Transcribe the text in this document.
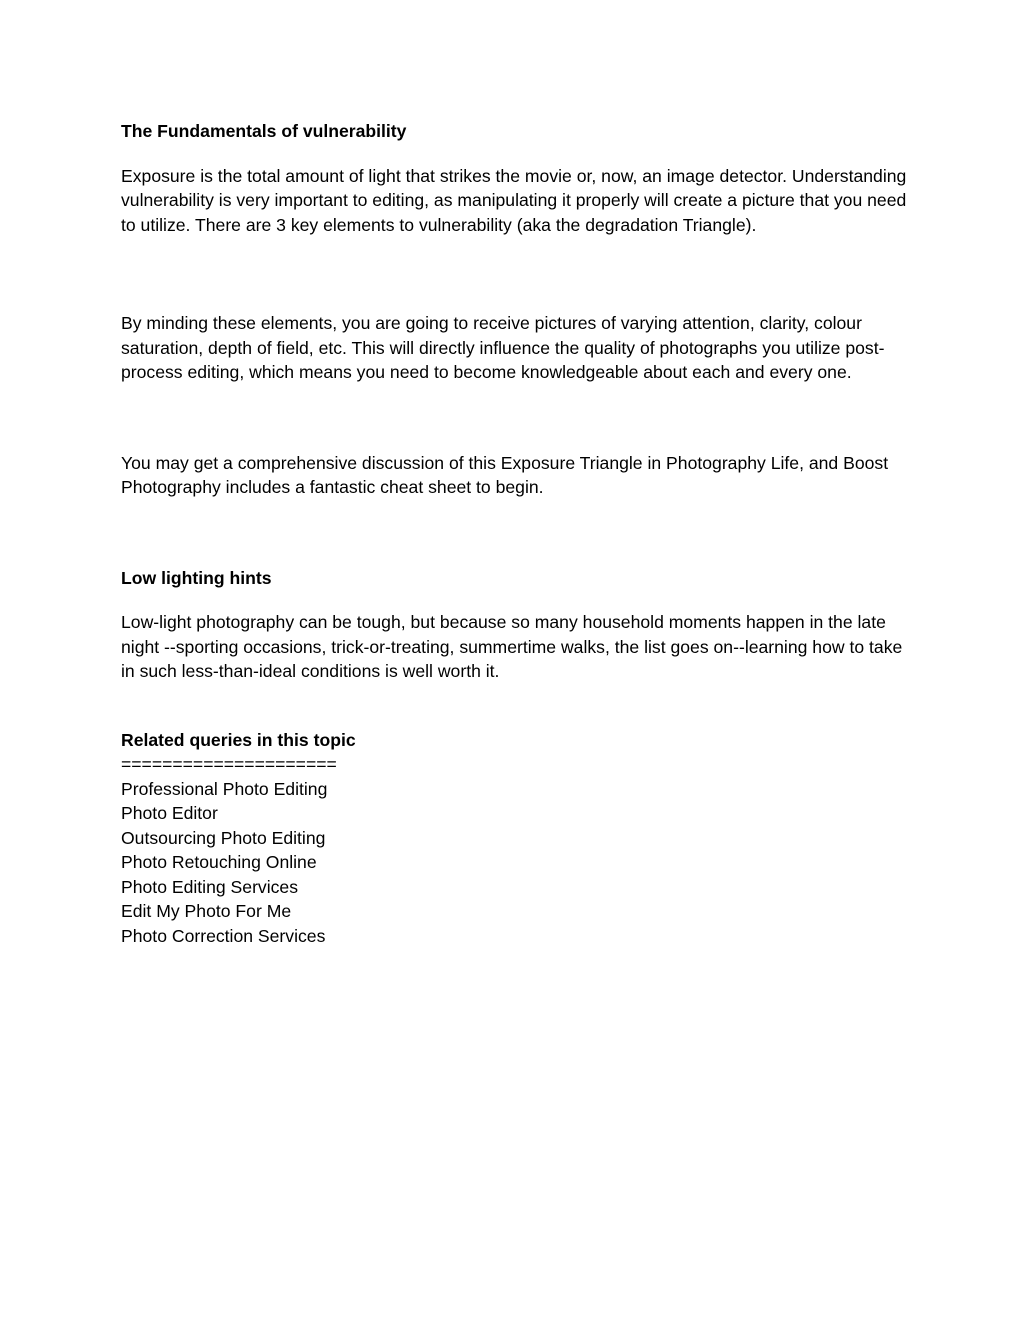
The Fundamentals of vulnerability

Exposure is the total amount of light that strikes the movie or, now, an image detector. Understanding vulnerability is very important to editing, as manipulating it properly will create a picture that you need to utilize. There are 3 key elements to vulnerability (aka the degradation Triangle).

By minding these elements, you are going to receive pictures of varying attention, clarity, colour saturation, depth of field, etc. This will directly influence the quality of photographs you utilize post-process editing, which means you need to become knowledgeable about each and every one.

You may get a comprehensive discussion of this Exposure Triangle in Photography Life, and Boost Photography includes a fantastic cheat sheet to begin.

Low lighting hints

Low-light photography can be tough, but because so many household moments happen in the late night --sporting occasions, trick-or-treating, summertime walks, the list goes on--learning how to take in such less-than-ideal conditions is well worth it.

Related queries in this topic
=====================
Professional Photo Editing
Photo Editor
Outsourcing Photo Editing
Photo Retouching Online
Photo Editing Services
Edit My Photo For Me
Photo Correction Services
